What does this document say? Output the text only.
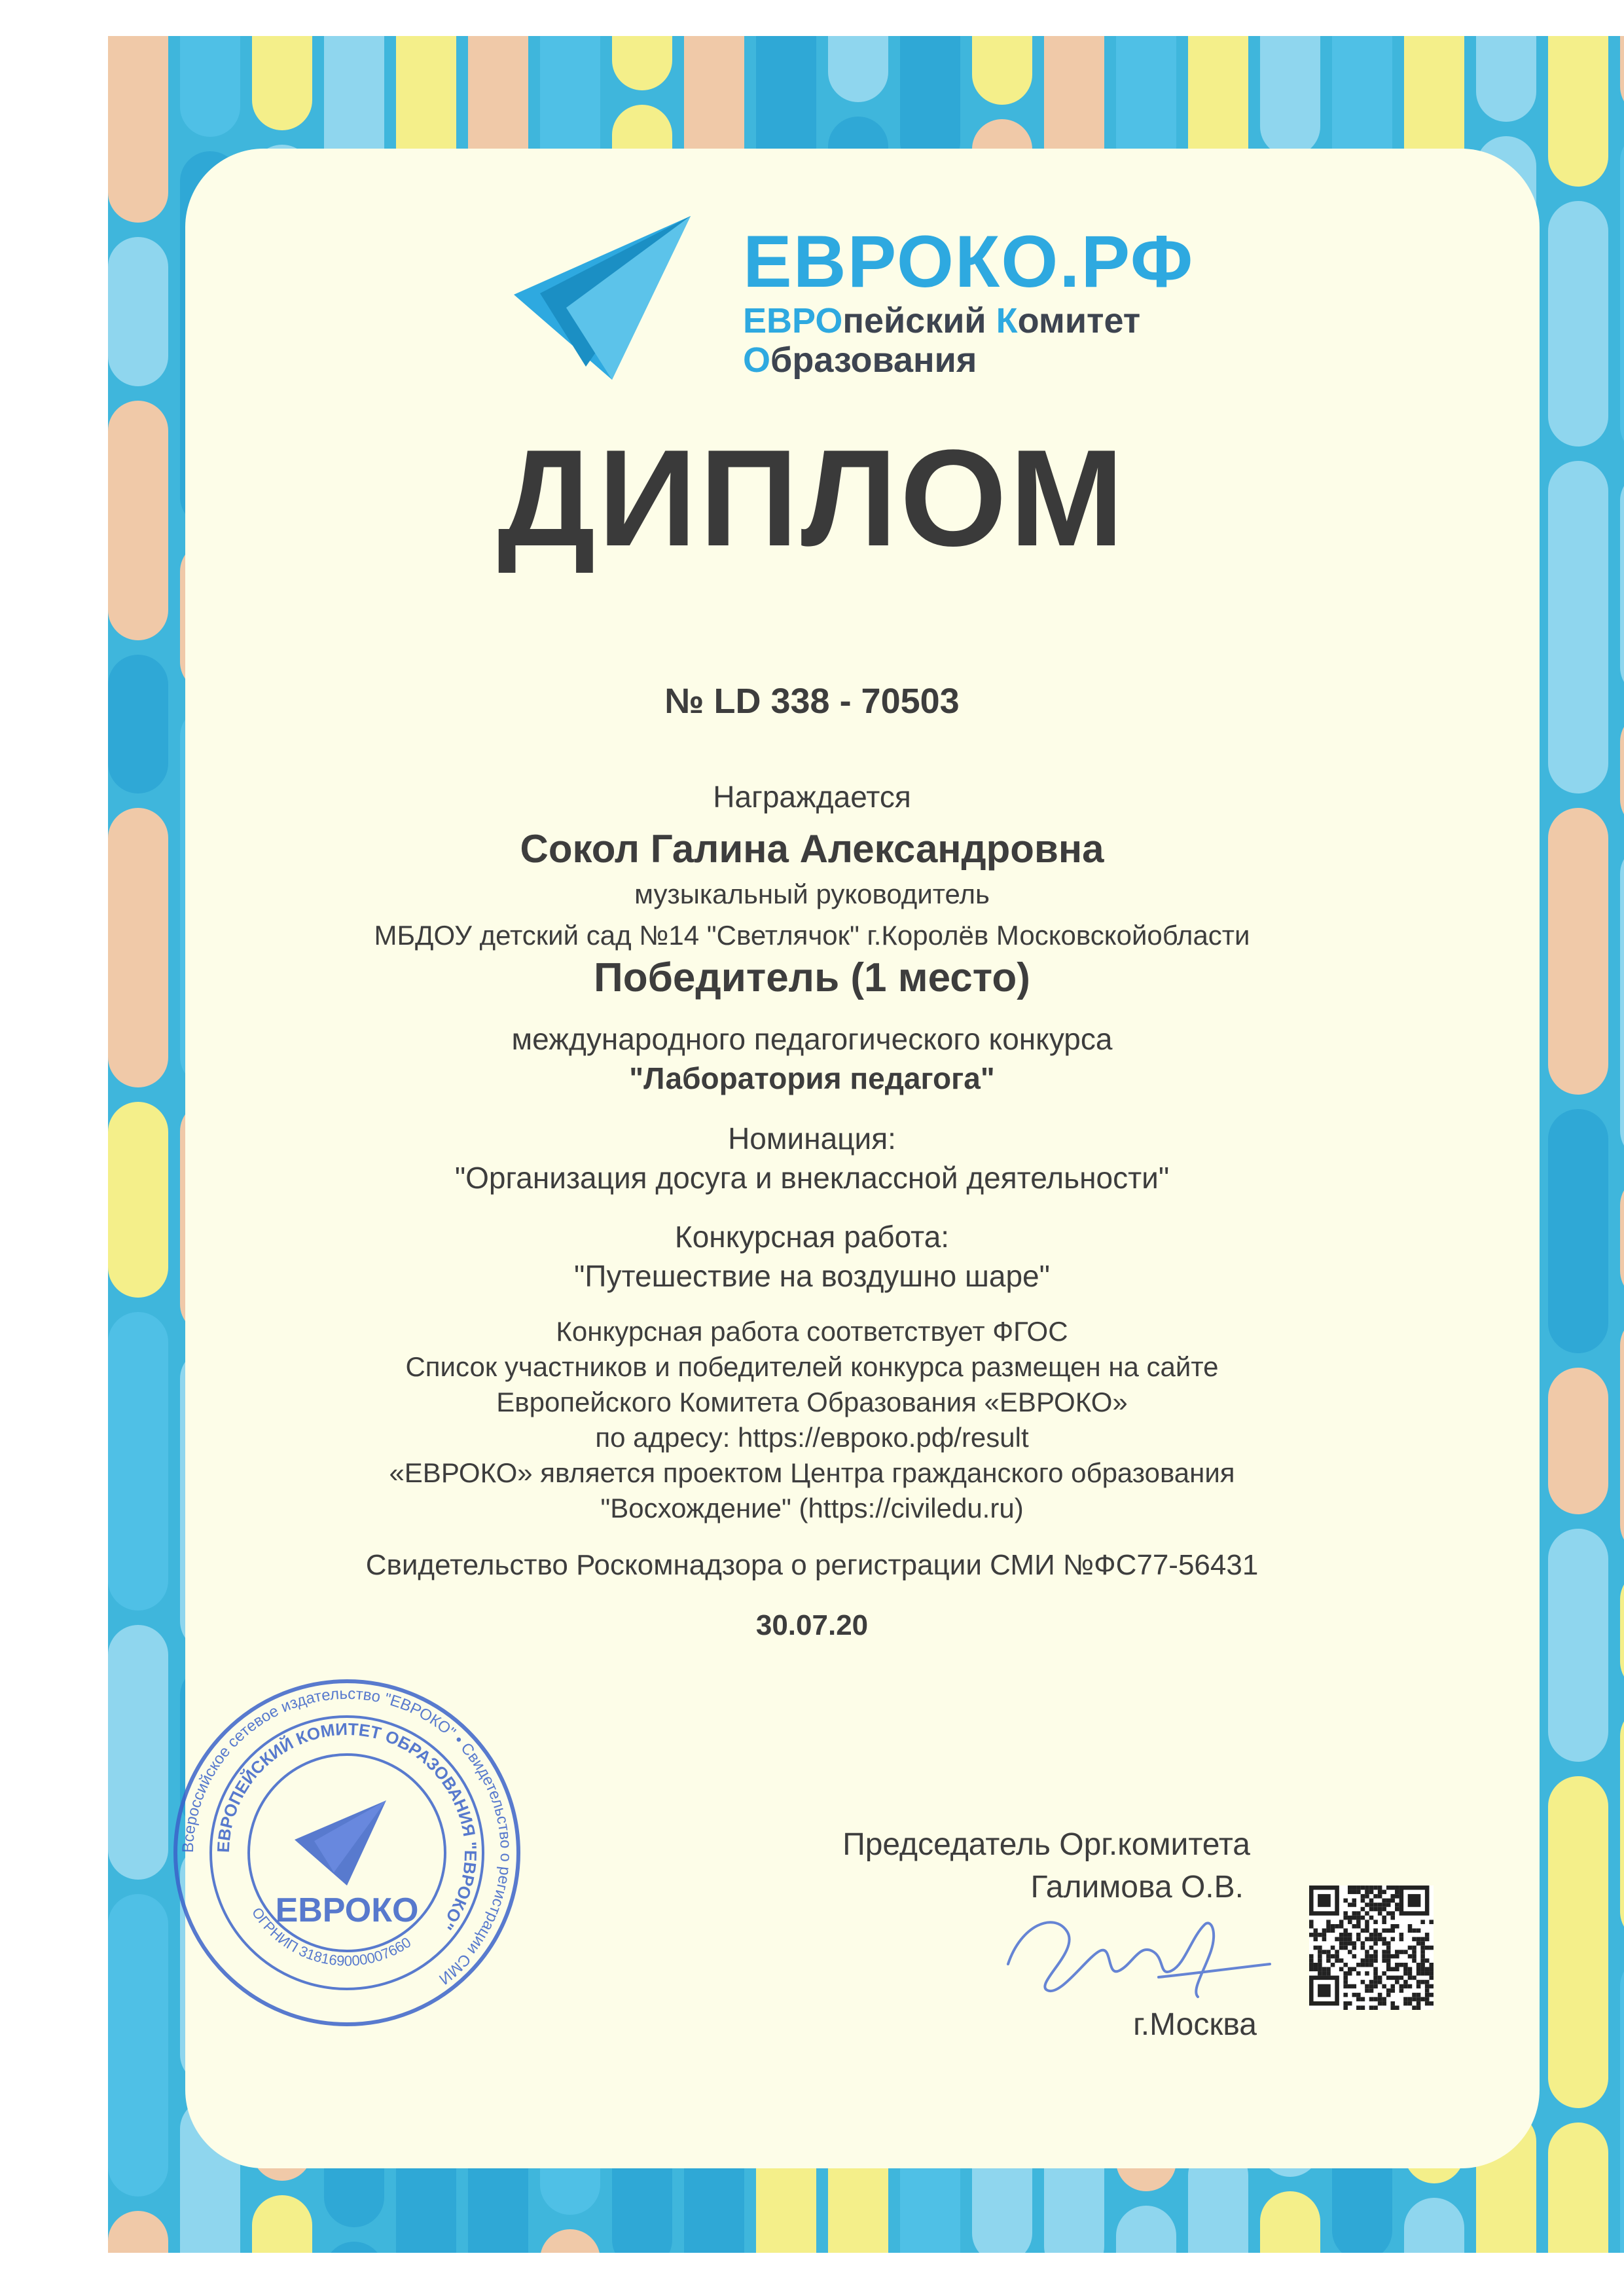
ЕВРОКО.РФ
ЕВРОпейский Комитет
Образования
ДИПЛОМ
№ LD 338 - 70503
Награждается
Сокол Галина Александровна
музыкальный руководитель
МБДОУ детский сад №14 "Светлячок" г.Королёв Московскойобласти
Победитель (1 место)
международного педагогического конкурса
"Лаборатория педагога"
Номинация:
"Организация досуга и внеклассной деятельности"
Конкурсная работа:
"Путешествие на воздушно шаре"
Свидетельство Роскомнадзора о регистрации СМИ №ФС77-56431
30.07.20
Всероссийское сетевое издательство "ЕВРОКО" • Свидетельство о регистрации СМИ
ЕВРОПЕЙСКИЙ КОМИТЕТ ОБРАЗОВАНИЯ "ЕВРОКО"
ОГРНИП 318169000007660
ЕВРОКО
Председатель Орг.комитета
Галимова О.В.
г.Москва
Конкурсная работа соответствует ФГОС
Список участников и победителей конкурса размещен на сайте
Европейского Комитета Образования «ЕВРОКО»
по адресу: https://евроко.рф/result
«ЕВРОКО» является проектом Центра гражданского образования
"Восхождение" (https://civiledu.ru)
